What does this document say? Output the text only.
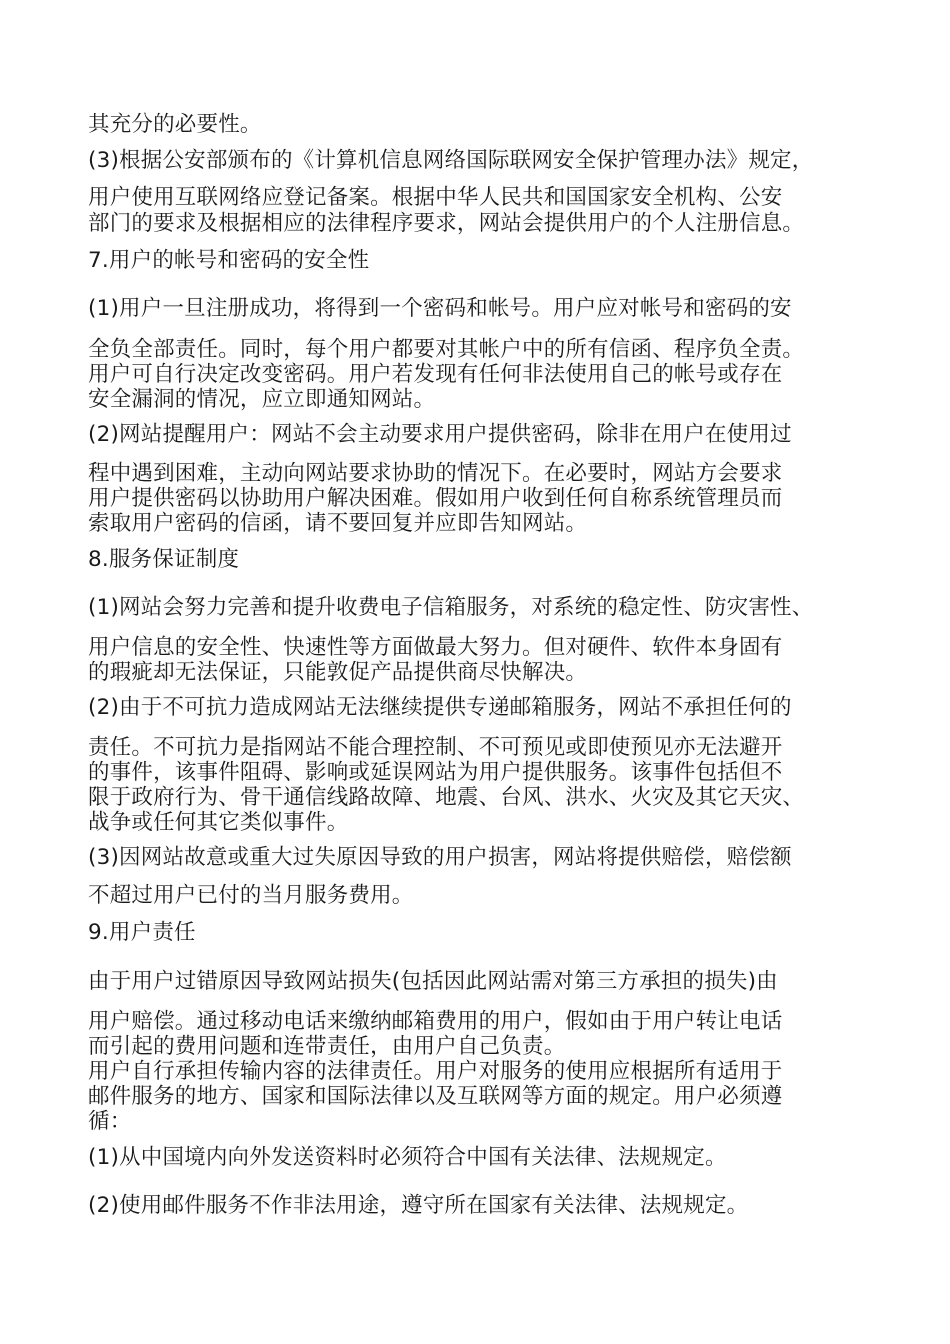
其充分的必要性。
(3)根据公安部颁布的《计算机信息网络国际联网安全保护管理办法》规定，
用户使用互联网络应登记备案。根据中华人民共和国国家安全机构、公安
部门的要求及根据相应的法律程序要求，网站会提供用户的个人注册信息。
7.用户的帐号和密码的安全性
(1)用户一旦注册成功，将得到一个密码和帐号。用户应对帐号和密码的安
全负全部责任。同时，每个用户都要对其帐户中的所有信函、程序负全责。
用户可自行决定改变密码。用户若发现有任何非法使用自己的帐号或存在
安全漏洞的情况，应立即通知网站。
(2)网站提醒用户：网站不会主动要求用户提供密码，除非在用户在使用过
程中遇到困难，主动向网站要求协助的情况下。在必要时，网站方会要求
用户提供密码以协助用户解决困难。假如用户收到任何自称系统管理员而
索取用户密码的信函，请不要回复并应即告知网站。
8.服务保证制度
(1)网站会努力完善和提升收费电子信箱服务，对系统的稳定性、防灾害性、
用户信息的安全性、快速性等方面做最大努力。但对硬件、软件本身固有
的瑕疵却无法保证，只能敦促产品提供商尽快解决。
(2)由于不可抗力造成网站无法继续提供专递邮箱服务，网站不承担任何的
责任。不可抗力是指网站不能合理控制、不可预见或即使预见亦无法避开
的事件，该事件阻碍、影响或延误网站为用户提供服务。该事件包括但不
限于政府行为、骨干通信线路故障、地震、台风、洪水、火灾及其它天灾、
战争或任何其它类似事件。
(3)因网站故意或重大过失原因导致的用户损害，网站将提供赔偿，赔偿额
不超过用户已付的当月服务费用。
9.用户责任
由于用户过错原因导致网站损失(包括因此网站需对第三方承担的损失)由
用户赔偿。通过移动电话来缴纳邮箱费用的用户，假如由于用户转让电话
而引起的费用问题和连带责任，由用户自己负责。
用户自行承担传输内容的法律责任。用户对服务的使用应根据所有适用于
邮件服务的地方、国家和国际法律以及互联网等方面的规定。用户必须遵
循：
(1)从中国境内向外发送资料时必须符合中国有关法律、法规规定。
(2)使用邮件服务不作非法用途，遵守所在国家有关法律、法规规定。
